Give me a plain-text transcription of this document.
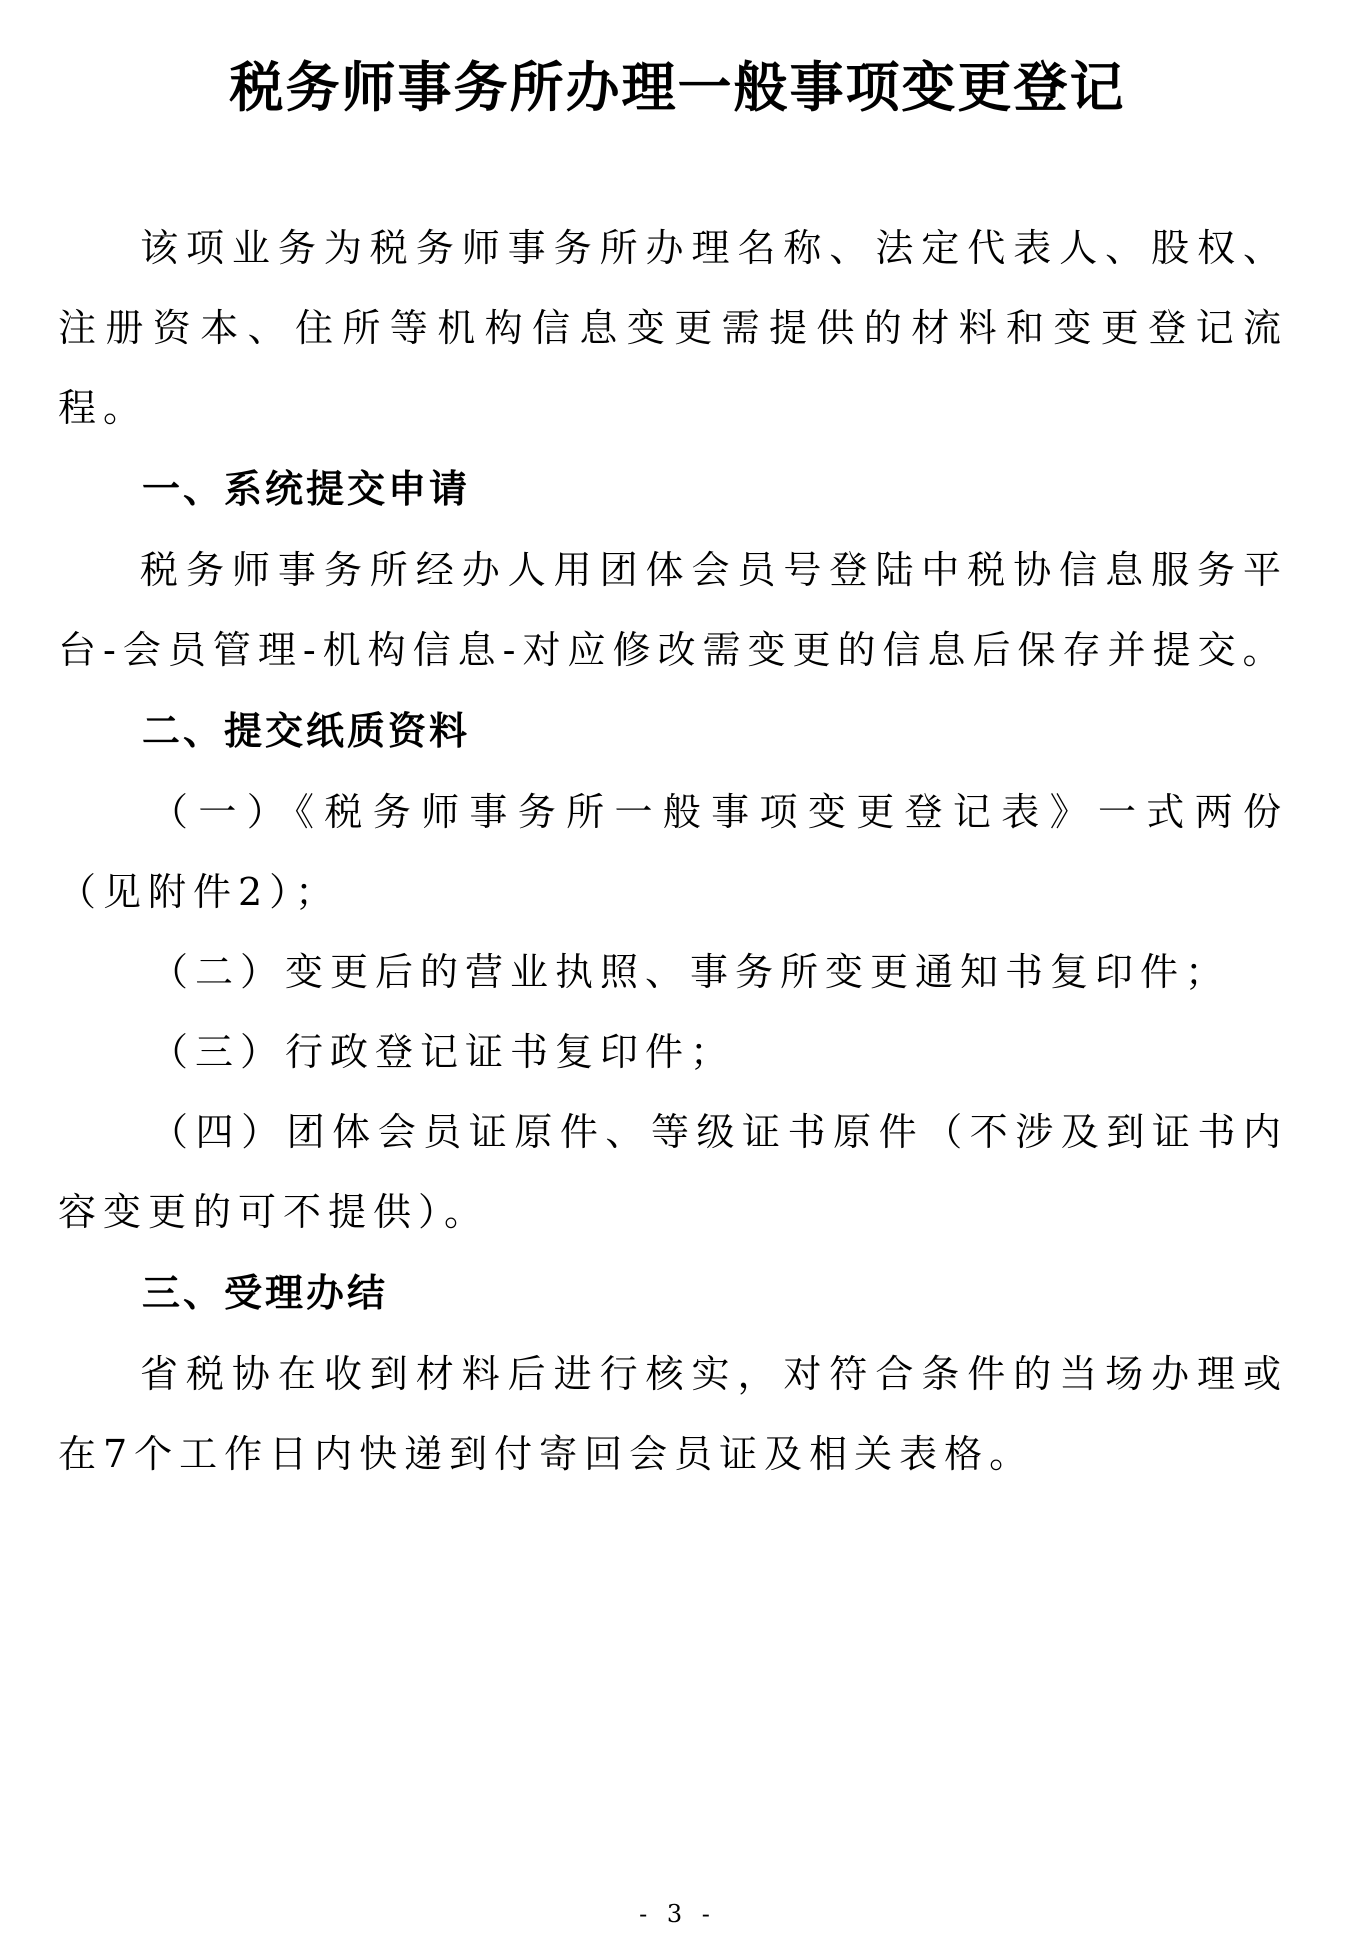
税务师事务所办理一般事项变更登记

该项业务为税务师事务所办理名称、法定代表人、股权、注册资本、住所等机构信息变更需提供的材料和变更登记流程。

一、系统提交申请

税务师事务所经办人用团体会员号登陆中税协信息服务平台-会员管理-机构信息-对应修改需变更的信息后保存并提交。

二、提交纸质资料

（一）《税务师事务所一般事项变更登记表》一式两份（见附件2）；

（二）变更后的营业执照、事务所变更通知书复印件；

（三）行政登记证书复印件；

（四）团体会员证原件、等级证书原件（不涉及到证书内容变更的可不提供）。

三、受理办结

省税协在收到材料后进行核实，对符合条件的当场办理或在7个工作日内快递到付寄回会员证及相关表格。

- 3 -
